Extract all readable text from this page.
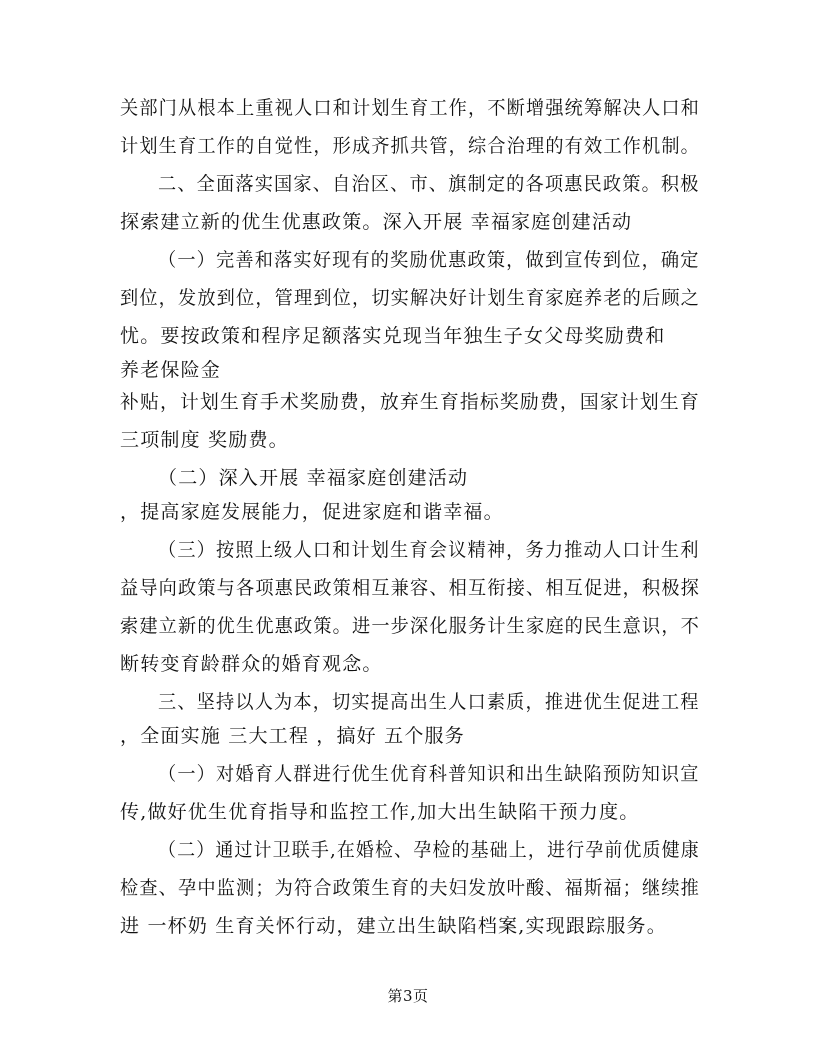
关部门从根本上重视人口和计划生育工作，不断增强统筹解决人口和
计划生育工作的自觉性，形成齐抓共管，综合治理的有效工作机制。
二、全面落实国家、自治区、市、旗制定的各项惠民政策。积极
探索建立新的优生优惠政策。深入开展 幸福家庭创建活动
（一）完善和落实好现有的奖励优惠政策，做到宣传到位，确定
到位，发放到位，管理到位，切实解决好计划生育家庭养老的后顾之
忧。要按政策和程序足额落实兑现当年独生子女父母奖励费和
养老保险金
补贴，计划生育手术奖励费，放弃生育指标奖励费，国家计划生育
三项制度 奖励费。
（二）深入开展 幸福家庭创建活动
，提高家庭发展能力，促进家庭和谐幸福。
（三）按照上级人口和计划生育会议精神，务力推动人口计生利
益导向政策与各项惠民政策相互兼容、相互衔接、相互促进，积极探
索建立新的优生优惠政策。进一步深化服务计生家庭的民生意识，不
断转变育龄群众的婚育观念。
三、坚持以人为本，切实提高出生人口素质，推进优生促进工程
，全面实施 三大工程 ，搞好 五个服务
（一）对婚育人群进行优生优育科普知识和出生缺陷预防知识宣
传,做好优生优育指导和监控工作,加大出生缺陷干预力度。
（二）通过计卫联手,在婚检、孕检的基础上，进行孕前优质健康
检查、孕中监测；为符合政策生育的夫妇发放叶酸、福斯福；继续推
进 一杯奶 生育关怀行动，建立出生缺陷档案,实现跟踪服务。
第3页
